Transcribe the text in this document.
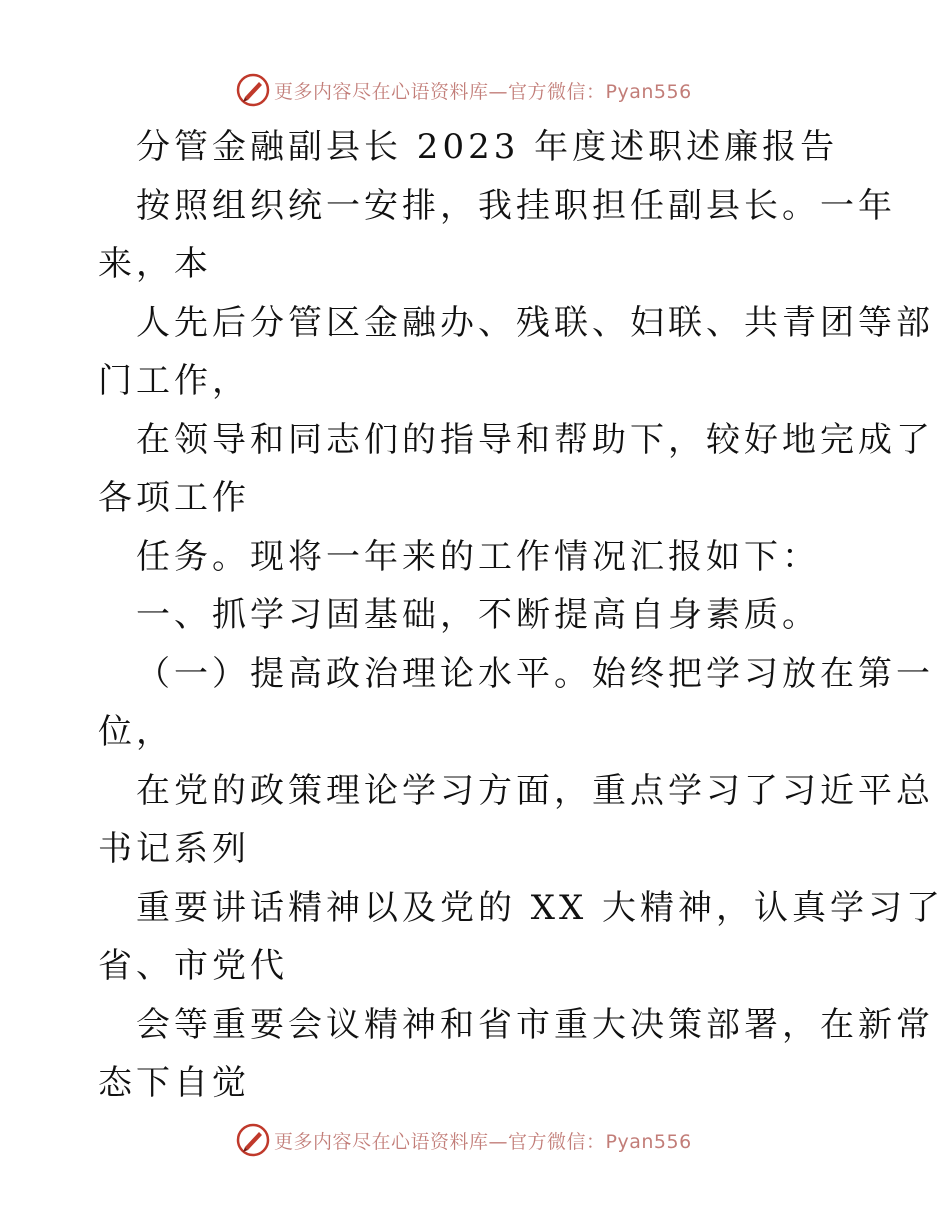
更多内容尽在心语资料库—官方微信：Pyan556
分管金融副县长 2023 年度述职述廉报告
按照组织统一安排，我挂职担任副县长。一年
来，本
人先后分管区金融办、残联、妇联、共青团等部
门工作，
在领导和同志们的指导和帮助下，较好地完成了
各项工作
任务。现将一年来的工作情况汇报如下：
一、抓学习固基础，不断提高自身素质。
（一）提高政治理论水平。始终把学习放在第一
位，
在党的政策理论学习方面，重点学习了习近平总
书记系列
重要讲话精神以及党的 XX 大精神，认真学习了
省、市党代
会等重要会议精神和省市重大决策部署，在新常
态下自觉
更多内容尽在心语资料库—官方微信：Pyan556
